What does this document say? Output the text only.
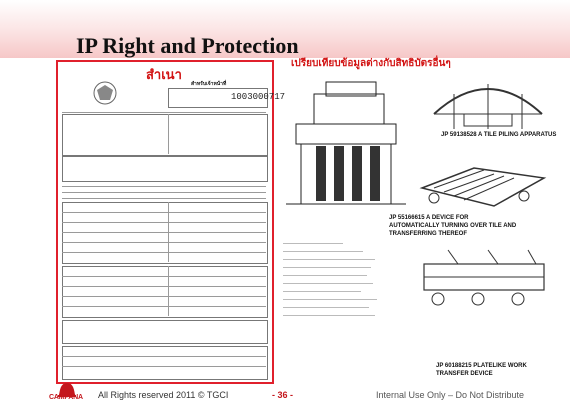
IP Right and Protection
เปรียบเทียบข้อมูลต่างกับสิทธิบัตรอื่นๆ
สำเนา
สำหรับเจ้าหน้าที่
1003000717
JP 59138528 A TILE PILING APPARATUS
JP 55166615 A DEVICE FOR AUTOMATICALLY TURNING OVER TILE AND TRANSFERRING THEREOF
JP 60188215 PLATELIKE WORK TRANSFER DEVICE
CAMPANA All Rights reserved 2011 © TGCI	- 36 -	Internal Use Only – Do Not Distribute
